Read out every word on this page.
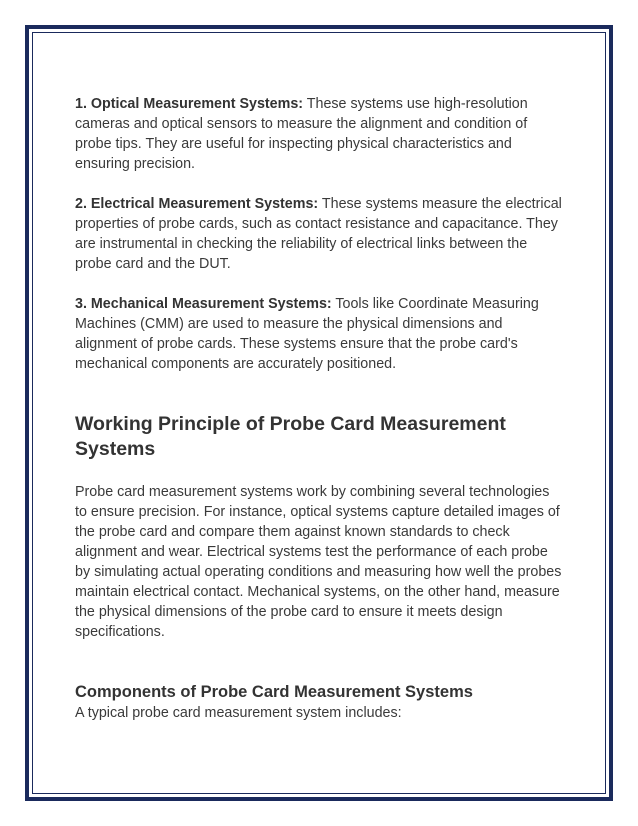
1. Optical Measurement Systems: These systems use high-resolution cameras and optical sensors to measure the alignment and condition of probe tips. They are useful for inspecting physical characteristics and ensuring precision.

2. Electrical Measurement Systems: These systems measure the electrical properties of probe cards, such as contact resistance and capacitance. They are instrumental in checking the reliability of electrical links between the probe card and the DUT.

3. Mechanical Measurement Systems: Tools like Coordinate Measuring Machines (CMM) are used to measure the physical dimensions and alignment of probe cards. These systems ensure that the probe card's mechanical components are accurately positioned.

Working Principle of Probe Card Measurement Systems

Probe card measurement systems work by combining several technologies to ensure precision. For instance, optical systems capture detailed images of the probe card and compare them against known standards to check alignment and wear. Electrical systems test the performance of each probe by simulating actual operating conditions and measuring how well the probes maintain electrical contact. Mechanical systems, on the other hand, measure the physical dimensions of the probe card to ensure it meets design specifications.

Components of Probe Card Measurement Systems

A typical probe card measurement system includes:
